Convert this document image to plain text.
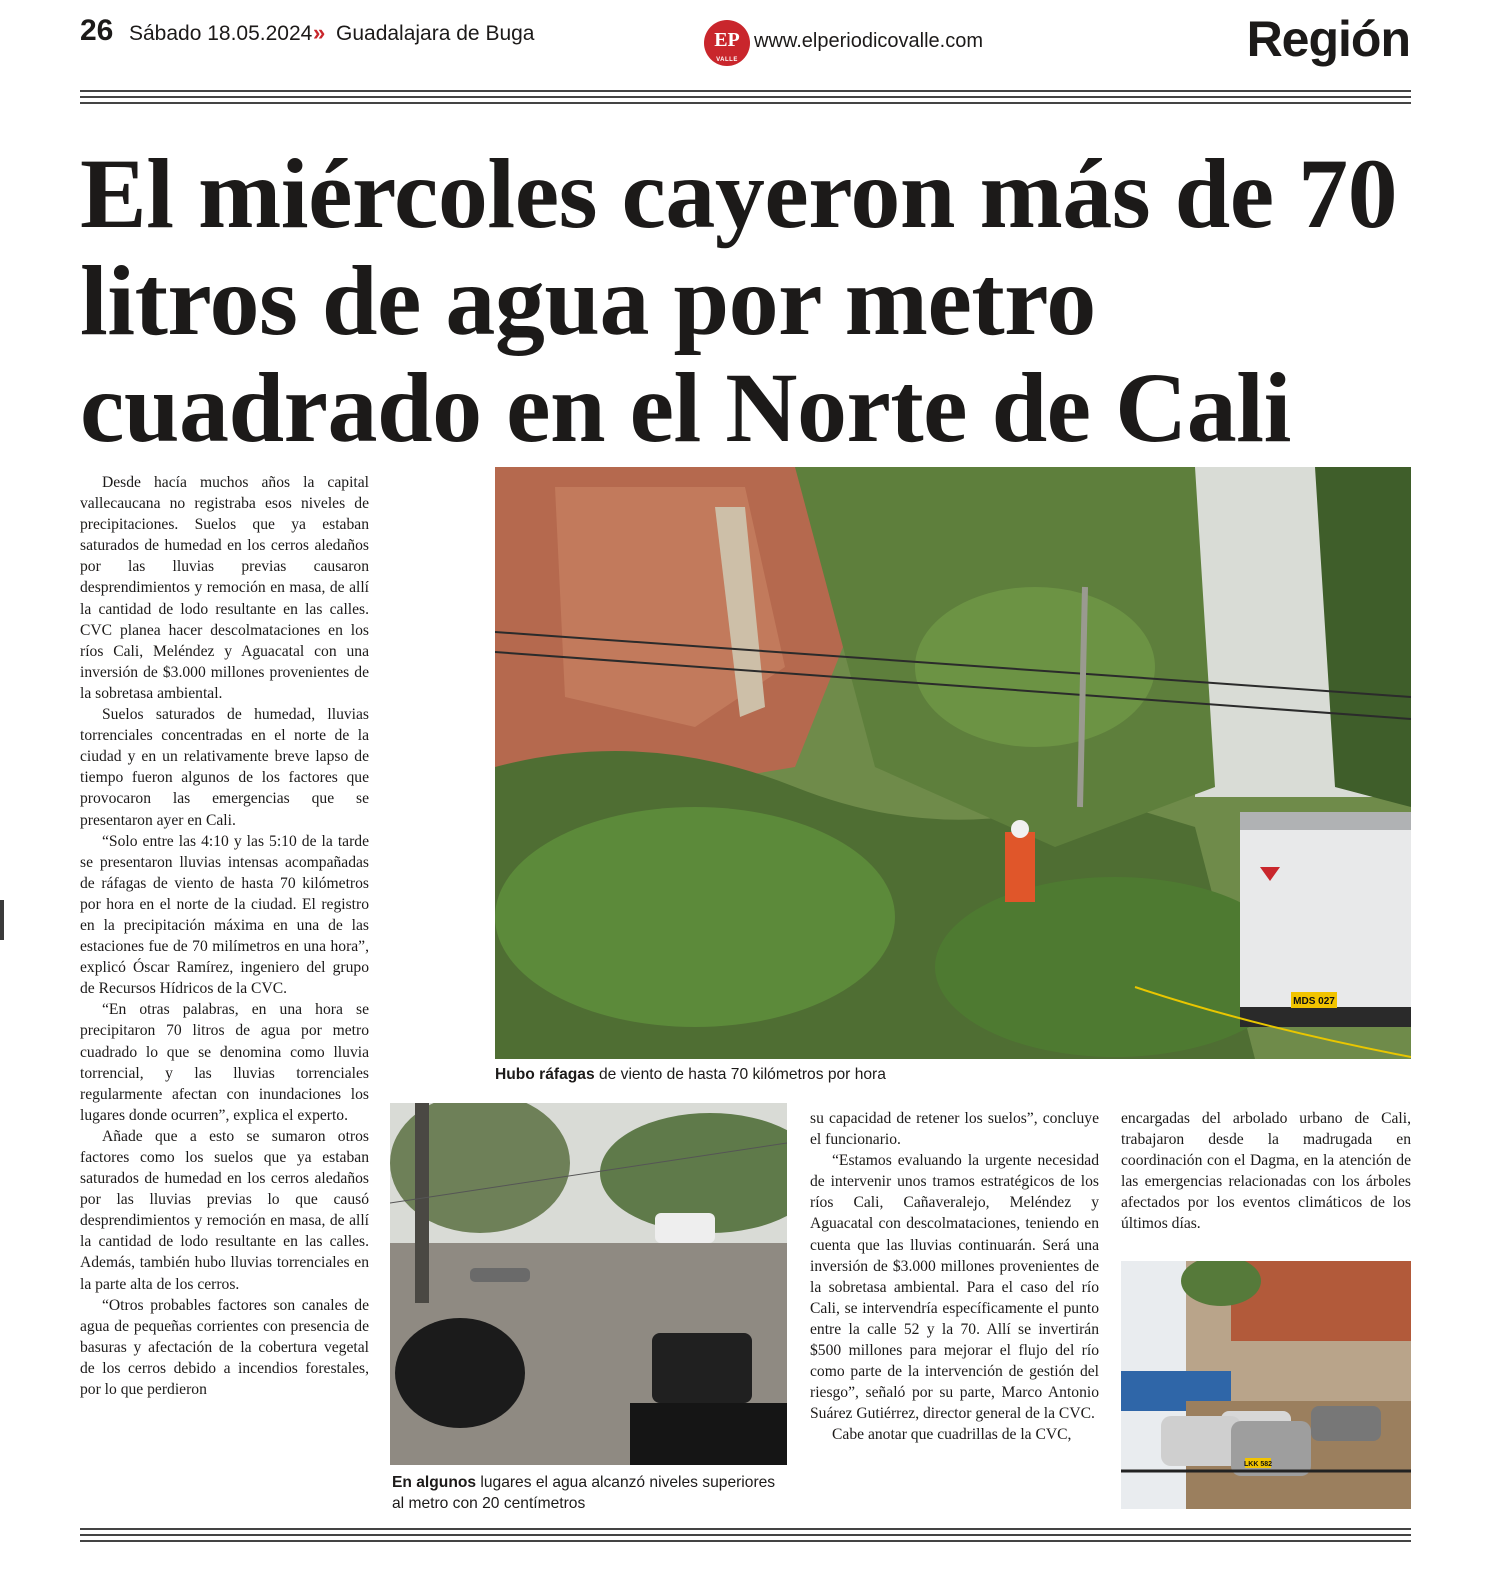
26 Sábado 18.05.2024 » Guadalajara de Buga	EP
VALLE
www.elperiodicovalle.com	Región
El miércoles cayeron más de 70 litros de agua por metro cuadrado en el Norte de Cali

Desde hacía muchos años la capital vallecaucana no registraba esos niveles de precipitaciones. Suelos que ya estaban saturados de humedad en los cerros aledaños por las lluvias previas causaron desprendimientos y remoción en masa, de allí la cantidad de lodo resultante en las calles. CVC planea hacer descolmataciones en los ríos Cali, Meléndez y Aguacatal con una inversión de $3.000 millones provenientes de la sobretasa ambiental.

Suelos saturados de humedad, lluvias torrenciales concentradas en el norte de la ciudad y en un relativamente breve lapso de tiempo fueron algunos de los factores que provocaron las emergencias que se presentaron ayer en Cali.

“Solo entre las 4:10 y las 5:10 de la tarde se presentaron lluvias intensas acompañadas de ráfagas de viento de hasta 70 kilómetros por hora en el norte de la ciudad. El registro en la precipitación máxima en una de las estaciones fue de 70 milímetros en una hora”, explicó Óscar Ramírez, ingeniero del grupo de Recursos Hídricos de la CVC.

“En otras palabras, en una hora se precipitaron 70 litros de agua por metro cuadrado lo que se denomina como lluvia torrencial, y las lluvias torrenciales regularmente afectan con inundaciones los lugares donde ocurren”, explica el experto.

Añade que a esto se sumaron otros factores como los suelos que ya estaban saturados de humedad en los cerros aledaños por las lluvias previas lo que causó desprendimientos y remoción en masa, de allí la cantidad de lodo resultante en las calles. Además, también hubo lluvias torrenciales en la parte alta de los cerros.

“Otros probables factores son canales de agua de pequeñas corrientes con presencia de basuras y afectación de la cobertura vegetal de los cerros debido a incendios forestales, por lo que perdieron

MDS 027
Hubo ráfagas de viento de hasta 70 kilómetros por hora
En algunos lugares el agua alcanzó niveles superiores al metro con 20 centímetros

su capacidad de retener los suelos”, concluye el funcionario.

“Estamos evaluando la urgente necesidad de intervenir unos tramos estratégicos de los ríos Cali, Cañaveralejo, Meléndez y Aguacatal con descolmataciones, teniendo en cuenta que las lluvias continuarán. Será una inversión de $3.000 millones provenientes de la sobretasa ambiental. Para el caso del río Cali, se intervendría específicamente el punto entre la calle 52 y la 70. Allí se invertirán $500 millones para mejorar el flujo del río como parte de la intervención de gestión del riesgo”, señaló por su parte, Marco Antonio Suárez Gutiérrez, director general de la CVC.

Cabe anotar que cuadrillas de la CVC,

encargadas del arbolado urbano de Cali, trabajaron desde la madrugada en coordinación con el Dagma, en la atención de las emergencias relacionadas con los árboles afectados por los eventos climáticos de los últimos días.

LKK 582
